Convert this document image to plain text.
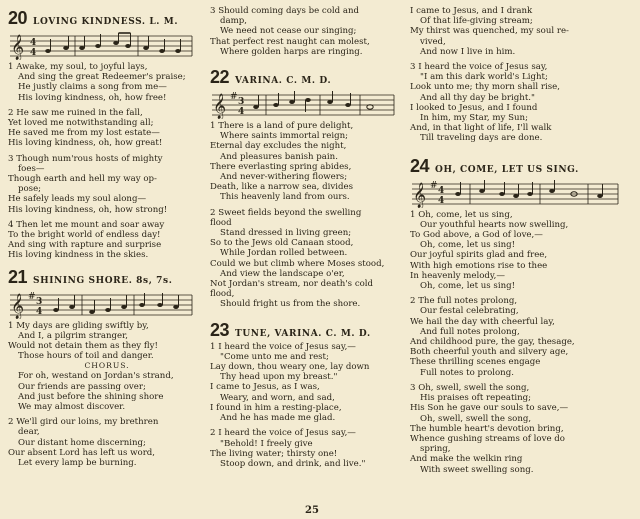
20 LOVING KINDNESS. L. M.
𝄞 4
4
1 Awake, my soul, to joyful lays,
And sing the great Redeemer's praise;
He justly claims a song from me—
His loving kindness, oh, how free!
2 He saw me ruined in the fall,
Yet loved me notwithstanding all;
He saved me from my lost estate—
His loving kindness, oh, how great!
3 Though num'rous hosts of mighty
foes—
Though earth and hell my way op-
pose;
He safely leads my soul along—
His loving kindness, oh, how strong!
4 Then let me mount and soar away
To the bright world of endless day!
And sing with rapture and surprise
His loving kindness in the skies.
21 SHINING SHORE. 8s, 7s.
𝄞 # 3
4
1 My days are gliding swiftly by,
And I, a pilgrim stranger,
Would not detain them as they fly!
Those hours of toil and danger.
CHORUS.
For oh, westand on Jordan's strand,
Our friends are passing over;
And just before the shining shore
We may almost discover.
2 We'll gird our loins, my brethren
dear,
Our distant home discerning;
Our absent Lord has left us word,
Let every lamp be burning.
3 Should coming days be cold and
damp,
We need not cease our singing;
That perfect rest naught can molest,
Where golden harps are ringing.
22 VARINA. C. M. D.
𝄞 # 3
4
1 There is a land of pure delight,
Where saints immortal reign;
Eternal day excludes the night,
And pleasures banish pain.
There everlasting spring abides,
And never-withering flowers;
Death, like a narrow sea, divides
This heavenly land from ours.
2 Sweet fields beyond the swelling
flood
Stand dressed in living green;
So to the Jews old Canaan stood,
While Jordan rolled between.
Could we but climb where Moses stood,
And view the landscape o'er,
Not Jordan's stream, nor death's cold
flood,
Should fright us from the shore.
23 TUNE, VARINA. C. M. D.
1 I heard the voice of Jesus say,—
"Come unto me and rest;
Lay down, thou weary one, lay down
Thy head upon my breast."
I came to Jesus, as I was,
Weary, and worn, and sad,
I found in him a resting-place,
And he has made me glad.
2 I heard the voice of Jesus say,—
"Behold! I freely give
The living water; thirsty one!
Stoop down, and drink, and live."
I came to Jesus, and I drank
Of that life-giving stream;
My thirst was quenched, my soul re-
vived,
And now I live in him.
3 I heard the voice of Jesus say,
"I am this dark world's Light;
Look unto me; thy morn shall rise,
And all thy day be bright."
I looked to Jesus, and I found
In him, my Star, my Sun;
And, in that light of life, I'll walk
Till traveling days are done.
24 OH, COME, LET US SING.
𝄞 # 4
4
1 Oh, come, let us sing,
Our youthful hearts now swelling,
To God above, a God of love,—
Oh, come, let us sing!
Our joyful spirits glad and free,
With high emotions rise to thee
In heavenly melody,—
Oh, come, let us sing!
2 The full notes prolong,
Our festal celebrating,
We hail the day with cheerful lay,
And full notes prolong,
And childhood pure, the gay, thesage,
Both cheerful youth and silvery age,
These thrilling scenes engage
Full notes to prolong.
3 Oh, swell, swell the song,
His praises oft repeating;
His Son he gave our souls to save,—
Oh, swell, swell the song,
The humble heart's devotion bring,
Whence gushing streams of love do
spring,
And make the welkin ring
With sweet swelling song.
25
